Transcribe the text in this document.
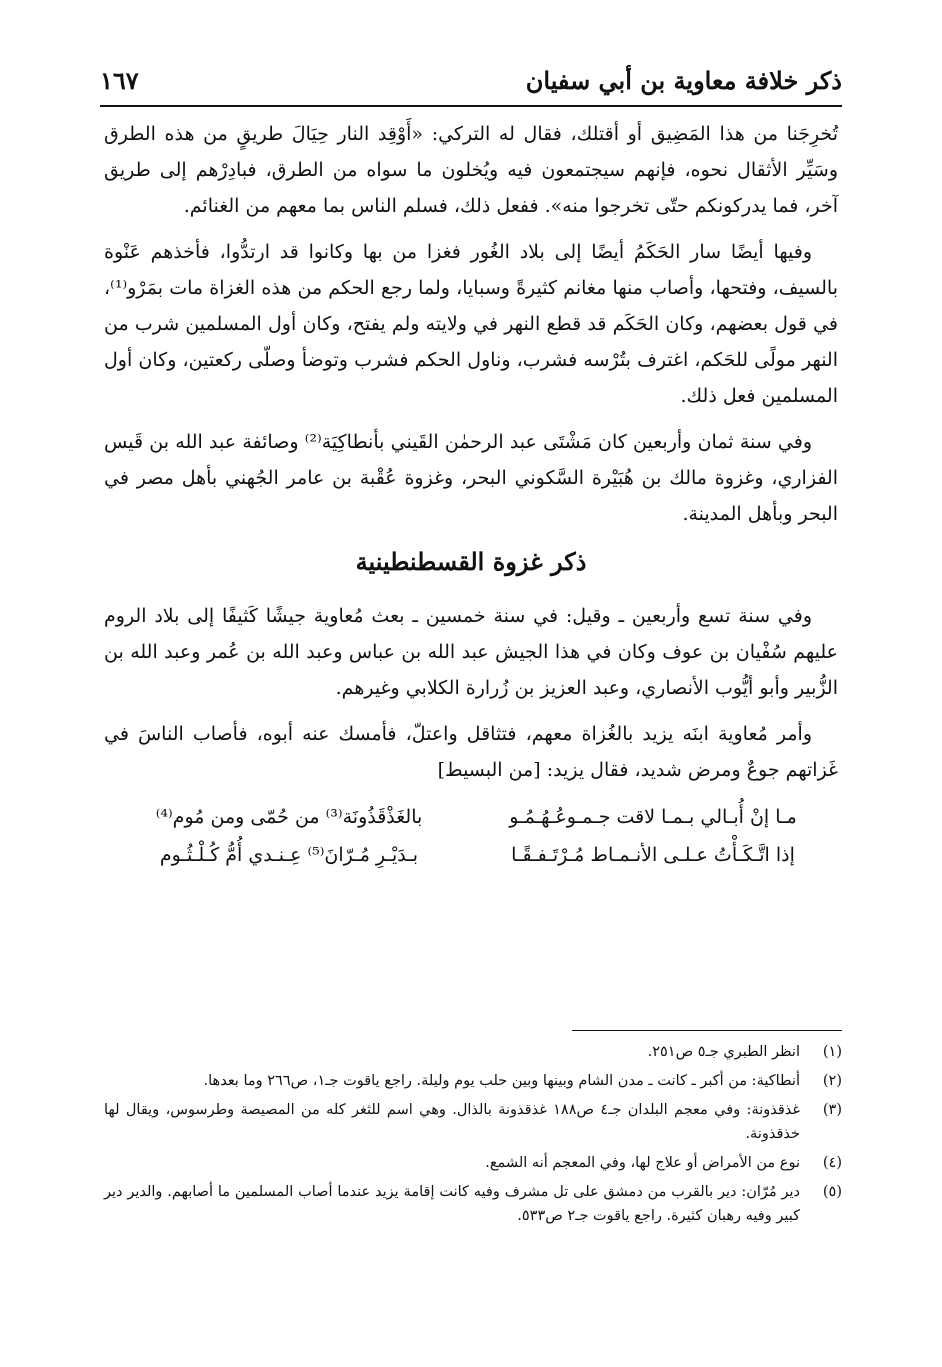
ذكر خلافة معاوية بن أبي سفيان
١٦٧

تُخرِجَنا من هذا المَضِيق أو أقتلك، فقال له التركي: «أَوْقِد النار حِيَالَ طريقٍ من هذه الطرق وسَيِّر الأثقال نحوه، فإنهم سيجتمعون فيه ويُخلون ما سواه من الطرق، فبادِرْهم إلى طريق آخر، فما يدركونكم حتّى تخرجوا منه». ففعل ذلك، فسلم الناس بما معهم من الغنائم.

وفيها أيضًا سار الحَكَمُ أيضًا إلى بلاد الغُور فغزا من بها وكانوا قد ارتدُّوا، فأخذهم عَنْوة بالسيف، وفتحها، وأصاب منها مغانم كثيرةً وسبايا، ولما رجع الحكم من هذه الغزاة مات بمَرْو⁽¹⁾، في قول بعضهم، وكان الحَكَم قد قطع النهر في ولايته ولم يفتح، وكان أول المسلمين شرب من النهر مولًى للحَكم، اغترف بتُرْسه فشرب، وناول الحكم فشرب وتوضأ وصلّى ركعتين، وكان أول المسلمين فعل ذلك.

وفي سنة ثمان وأربعين كان مَشْتَى عبد الرحمٰن القَيني بأنطاكِيَة⁽²⁾ وصائفة عبد الله بن قَيس الفزاري، وغزوة مالك بن هُبَيْرة السَّكوني البحر، وغزوة عُقْبة بن عامر الجُهني بأهل مصر في البحر وبأهل المدينة.

ذكر غزوة القسطنطينية

وفي سنة تسع وأربعين ـ وقيل: في سنة خمسين ـ بعث مُعاوية جيشًا كَثيفًا إلى بلاد الروم عليهم سُفْيان بن عوف وكان في هذا الجيش عبد الله بن عباس وعبد الله بن عُمر وعبد الله بن الزُّبير وأبو أيُّوب الأنصاري، وعبد العزيز بن زُرارة الكلابي وغيرهم.

وأمر مُعاوية ابنَه يزيد بالغُزاة معهم، فتثاقل واعتلّ، فأمسك عنه أبوه، فأصاب الناسَ في غَزاتهم جوعٌ ومرض شديد، فقال يزيد: [من البسيط]

مـا إنْ أُبـالي بـمـا لاقت جـمـوعُـهُـمُـو
بالغَذْقَذُونَة⁽³⁾ من حُمّى ومن مُوم⁽⁴⁾
إذا اتَّـكَـأْتُ عـلـى الأنـمـاط مُـرْتَـفـقًـا
بـدَيْـرِ مُـرّانَ⁽⁵⁾ عِـنـدي أُمُّ كُـلْـثُـوم
(١)
انظر الطبري جـ٥ ص٢٥١.
(٢)
أنطاكية: من أكبر ـ كانت ـ مدن الشام وبينها وبين حلب يوم وليلة. راجع ياقوت جـ١، ص٢٦٦ وما بعدها.
(٣)
غذقذونة: وفي معجم البلدان جـ٤ ص١٨٨ غذقذونة بالذال. وهي اسم للثغر كله من المصيصة وطرسوس، ويقال لها خذقذونة.
(٤)
نوع من الأمراض أو علاج لها، وفي المعجم أنه الشمع.
(٥)
دير مُرّان: دير بالقرب من دمشق على تل مشرف وفيه كانت إقامة يزيد عندما أصاب المسلمين ما أصابهم. والدير دير كبير وفيه رهبان كثيرة. راجع ياقوت جـ٢ ص٥٣٣.
